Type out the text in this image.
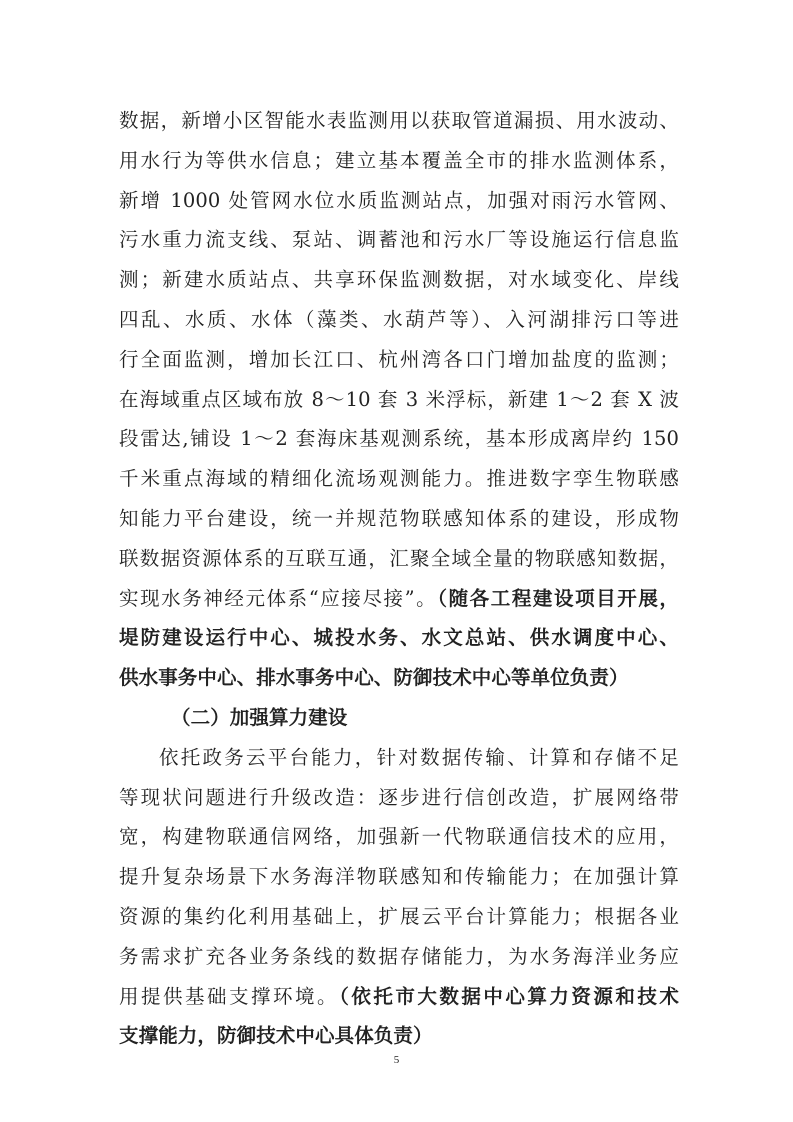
数据，新增小区智能水表监测用以获取管道漏损、用水波动、
用水行为等供水信息；建立基本覆盖全市的排水监测体系，
新增 1000 处管网水位水质监测站点，加强对雨污水管网、
污水重力流支线、泵站、调蓄池和污水厂等设施运行信息监
测；新建水质站点、共享环保监测数据，对水域变化、岸线
四乱、水质、水体（藻类、水葫芦等）、入河湖排污口等进
行全面监测，增加长江口、杭州湾各口门增加盐度的监测；
在海域重点区域布放 8～10 套 3 米浮标，新建 1～2 套 X 波
段雷达,铺设 1～2 套海床基观测系统，基本形成离岸约 150
千米重点海域的精细化流场观测能力。推进数字孪生物联感
知能力平台建设，统一并规范物联感知体系的建设，形成物
联数据资源体系的互联互通，汇聚全域全量的物联感知数据，
实现水务神经元体系“应接尽接”。（随各工程建设项目开展，
堤防建设运行中心、城投水务、水文总站、供水调度中心、
供水事务中心、排水事务中心、防御技术中心等单位负责）
（二）加强算力建设
依托政务云平台能力，针对数据传输、计算和存储不足
等现状问题进行升级改造：逐步进行信创改造，扩展网络带
宽，构建物联通信网络，加强新一代物联通信技术的应用，
提升复杂场景下水务海洋物联感知和传输能力；在加强计算
资源的集约化利用基础上，扩展云平台计算能力；根据各业
务需求扩充各业务条线的数据存储能力，为水务海洋业务应
用提供基础支撑环境。（依托市大数据中心算力资源和技术
支撑能力，防御技术中心具体负责）
5
